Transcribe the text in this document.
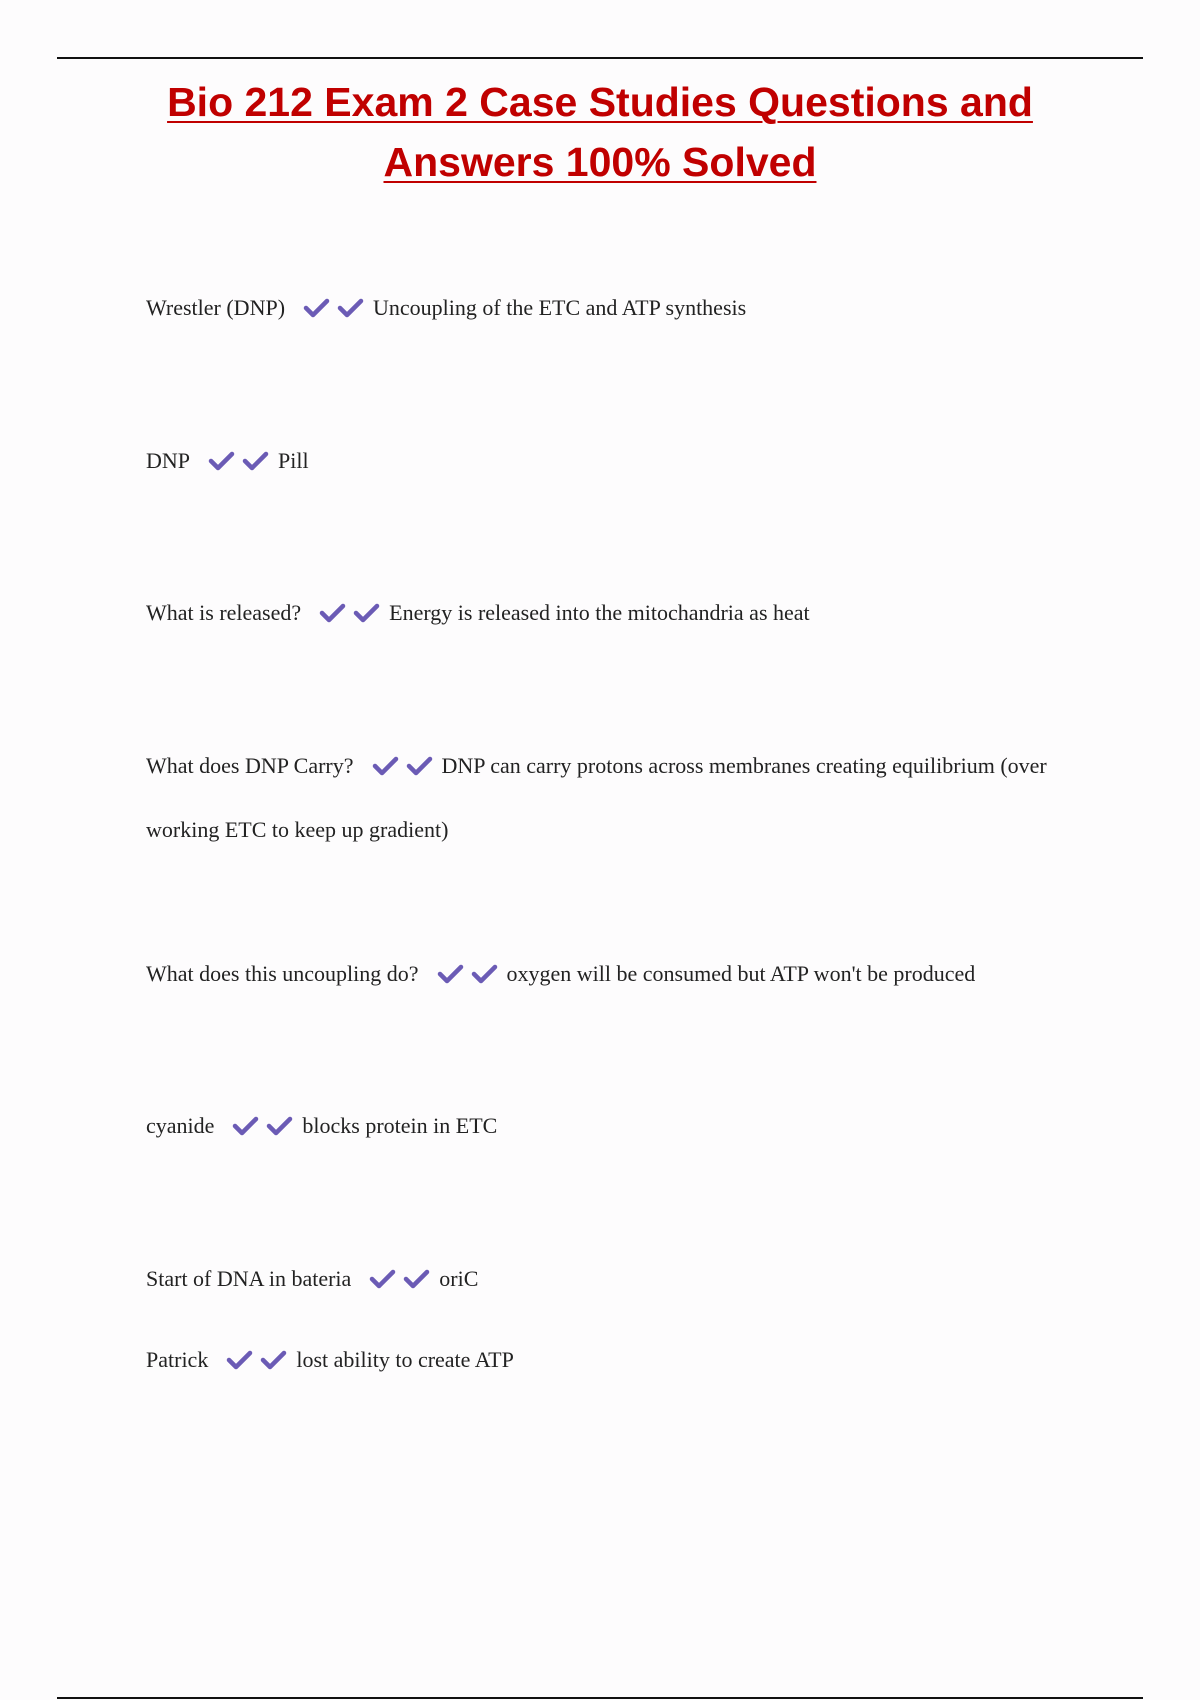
Bio 212 Exam 2 Case Studies Questions and
Answers 100% Solved
Wrestler (DNP)	Uncoupling of the ETC and ATP synthesis
DNP	Pill
What is released?	Energy is released into the mitochandria as heat
What does DNP Carry?	DNP can carry protons across membranes creating equilibrium (over working ETC to keep up gradient)
What does this uncoupling do?	oxygen will be consumed but ATP won't be produced
cyanide	blocks protein in ETC
Start of DNA in bateria	oriC
Patrick	lost ability to create ATP
